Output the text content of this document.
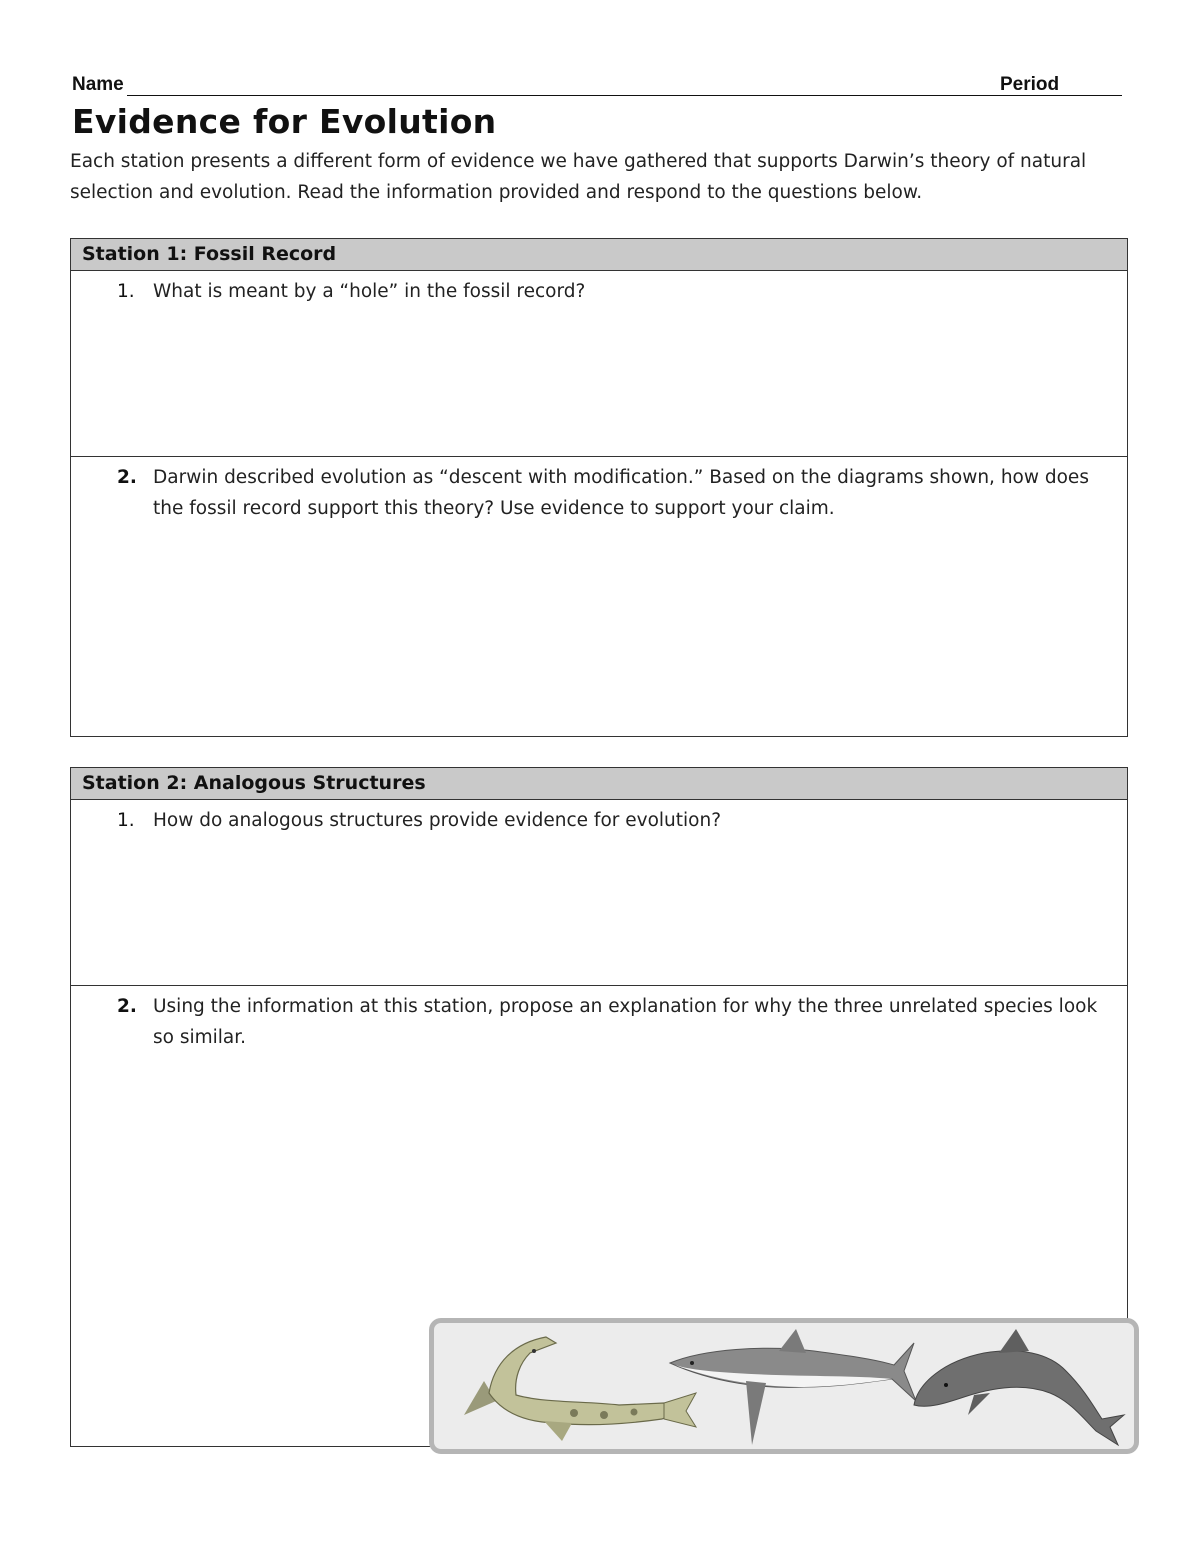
Name	Period
Evidence for Evolution

Each station presents a different form of evidence we have gathered that supports Darwin’s theory of natural selection and evolution. Read the information provided and respond to the questions below.

Station 1: Fossil Record
1. What is meant by a “hole” in the fossil record?
2. Darwin described evolution as “descent with modification.” Based on the diagrams shown, how does the fossil record support this theory? Use evidence to support your claim.
Station 2: Analogous Structures
1. How do analogous structures provide evidence for evolution?
2. Using the information at this station, propose an explanation for why the three unrelated species look so similar.
